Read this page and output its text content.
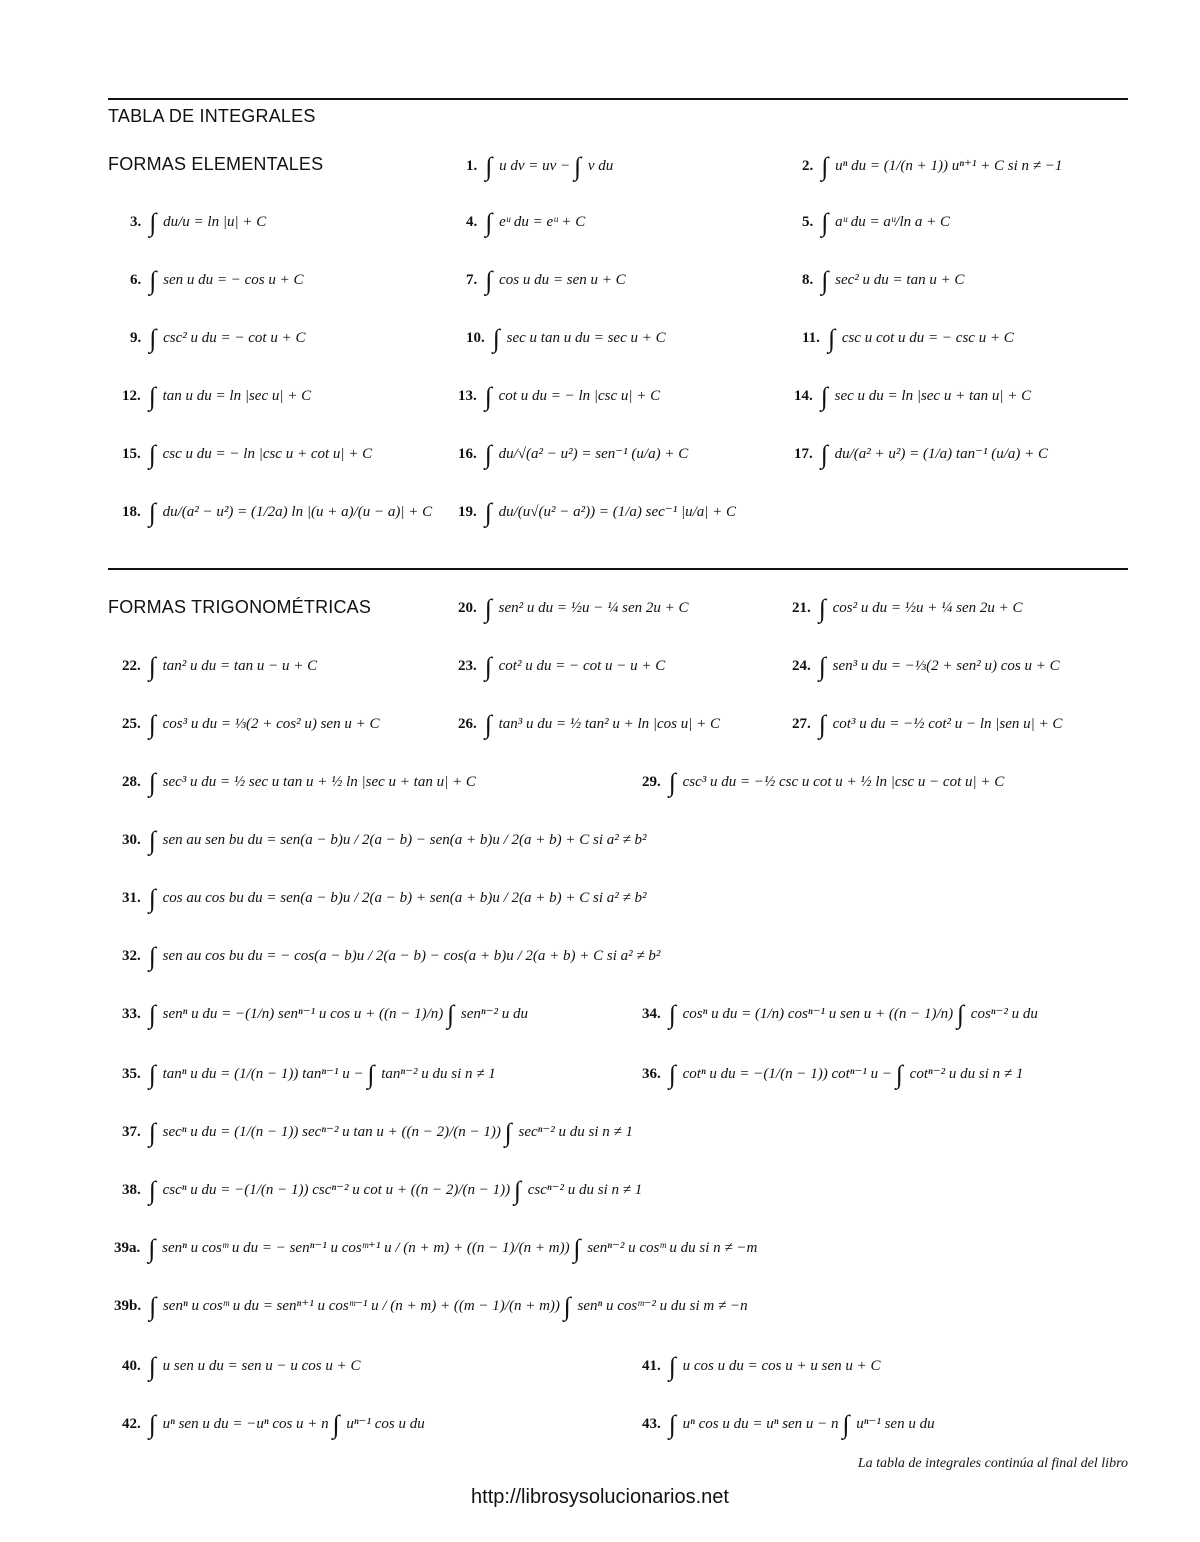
TABLA DE INTEGRALES
FORMAS ELEMENTALES
FORMAS TRIGONOMÉTRICAS
1. ∫ u dv = uv − ∫ v du	2. ∫ uⁿ du = (1/(n + 1)) uⁿ⁺¹ + C si n ≠ −1
3. ∫ du/u = ln |u| + C	4. ∫ eᵘ du = eᵘ + C	5. ∫ aᵘ du = aᵘ/ln a + C
6. ∫ sen u du = − cos u + C	7. ∫ cos u du = sen u + C	8. ∫ sec² u du = tan u + C
9. ∫ csc² u du = − cot u + C	10. ∫ sec u tan u du = sec u + C	11. ∫ csc u cot u du = − csc u + C
12. ∫ tan u du = ln |sec u| + C	13. ∫ cot u du = − ln |csc u| + C	14. ∫ sec u du = ln |sec u + tan u| + C
15. ∫ csc u du = − ln |csc u + cot u| + C	16. ∫ du/√(a² − u²) = sen⁻¹ (u/a) + C	17. ∫ du/(a² + u²) = (1/a) tan⁻¹ (u/a) + C
18. ∫ du/(a² − u²) = (1/2a) ln |(u + a)/(u − a)| + C 19. ∫ du/(u√(u² − a²)) = (1/a) sec⁻¹ |u/a| + C
20. ∫ sen² u du = ½u − ¼ sen 2u + C	21. ∫ cos² u du = ½u + ¼ sen 2u + C
22. ∫ tan² u du = tan u − u + C	23. ∫ cot² u du = − cot u − u + C	24. ∫ sen³ u du = −⅓(2 + sen² u) cos u + C
25. ∫ cos³ u du = ⅓(2 + cos² u) sen u + C	26. ∫ tan³ u du = ½ tan² u + ln |cos u| + C	27. ∫ cot³ u du = −½ cot² u − ln |sen u| + C
28. ∫ sec³ u du = ½ sec u tan u + ½ ln |sec u + tan u| + C	29. ∫ csc³ u du = −½ csc u cot u + ½ ln |csc u − cot u| + C
30. ∫ sen au sen bu du = sen(a − b)u / 2(a − b) − sen(a + b)u / 2(a + b) + C si a² ≠ b²
31. ∫ cos au cos bu du = sen(a − b)u / 2(a − b) + sen(a + b)u / 2(a + b) + C si a² ≠ b²
32. ∫ sen au cos bu du = − cos(a − b)u / 2(a − b) − cos(a + b)u / 2(a + b) + C si a² ≠ b²
33. ∫ senⁿ u du = −(1/n) senⁿ⁻¹ u cos u + ((n − 1)/n) ∫ senⁿ⁻² u du	34. ∫ cosⁿ u du = (1/n) cosⁿ⁻¹ u sen u + ((n − 1)/n) ∫ cosⁿ⁻² u du
35. ∫ tanⁿ u du = (1/(n − 1)) tanⁿ⁻¹ u − ∫ tanⁿ⁻² u du si n ≠ 1	36. ∫ cotⁿ u du = −(1/(n − 1)) cotⁿ⁻¹ u − ∫ cotⁿ⁻² u du si n ≠ 1
37. ∫ secⁿ u du = (1/(n − 1)) secⁿ⁻² u tan u + ((n − 2)/(n − 1)) ∫ secⁿ⁻² u du si n ≠ 1
38. ∫ cscⁿ u du = −(1/(n − 1)) cscⁿ⁻² u cot u + ((n − 2)/(n − 1)) ∫ cscⁿ⁻² u du si n ≠ 1
39a. ∫ senⁿ u cosᵐ u du = − senⁿ⁻¹ u cosᵐ⁺¹ u / (n + m) + ((n − 1)/(n + m)) ∫ senⁿ⁻² u cosᵐ u du si n ≠ −m
39b. ∫ senⁿ u cosᵐ u du = senⁿ⁺¹ u cosᵐ⁻¹ u / (n + m) + ((m − 1)/(n + m)) ∫ senⁿ u cosᵐ⁻² u du si m ≠ −n
40. ∫ u sen u du = sen u − u cos u + C	41. ∫ u cos u du = cos u + u sen u + C
42. ∫ uⁿ sen u du = −uⁿ cos u + n ∫ uⁿ⁻¹ cos u du	43. ∫ uⁿ cos u du = uⁿ sen u − n ∫ uⁿ⁻¹ sen u du
La tabla de integrales continúa al final del libro
http://librosysolucionarios.net
